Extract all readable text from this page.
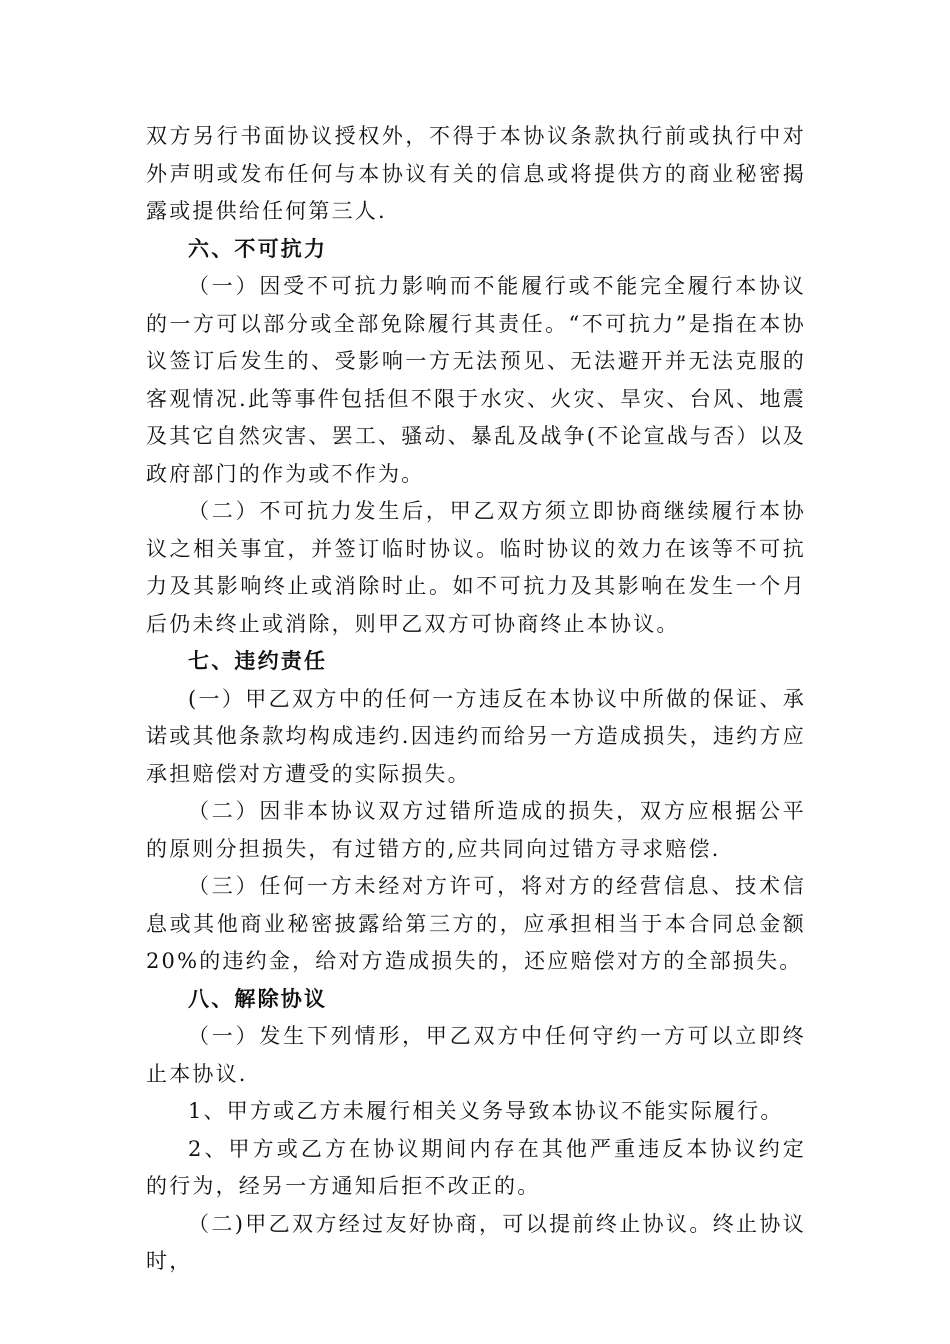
双方另行书面协议授权外，不得于本协议条款执行前或执行中对外声明或发布任何与本协议有关的信息或将提供方的商业秘密揭露或提供给任何第三人.

六、不可抗力

（一）因受不可抗力影响而不能履行或不能完全履行本协议的一方可以部分或全部免除履行其责任。“不可抗力”是指在本协议签订后发生的、受影响一方无法预见、无法避开并无法克服的客观情况.此等事件包括但不限于水灾、火灾、旱灾、台风、地震及其它自然灾害、罢工、骚动、暴乱及战争(不论宣战与否）以及政府部门的作为或不作为。

（二）不可抗力发生后，甲乙双方须立即协商继续履行本协议之相关事宜，并签订临时协议。临时协议的效力在该等不可抗力及其影响终止或消除时止。如不可抗力及其影响在发生一个月后仍未终止或消除，则甲乙双方可协商终止本协议。

七、违约责任

(一）甲乙双方中的任何一方违反在本协议中所做的保证、承诺或其他条款均构成违约.因违约而给另一方造成损失，违约方应承担赔偿对方遭受的实际损失。

（二）因非本协议双方过错所造成的损失，双方应根据公平的原则分担损失，有过错方的,应共同向过错方寻求赔偿.

（三）任何一方未经对方许可，将对方的经营信息、技术信息或其他商业秘密披露给第三方的，应承担相当于本合同总金额20%的违约金，给对方造成损失的，还应赔偿对方的全部损失。

八、解除协议

（一）发生下列情形，甲乙双方中任何守约一方可以立即终止本协议.

1、甲方或乙方未履行相关义务导致本协议不能实际履行。

2、甲方或乙方在协议期间内存在其他严重违反本协议约定的行为，经另一方通知后拒不改正的。

（二)甲乙双方经过友好协商，可以提前终止协议。终止协议时，
